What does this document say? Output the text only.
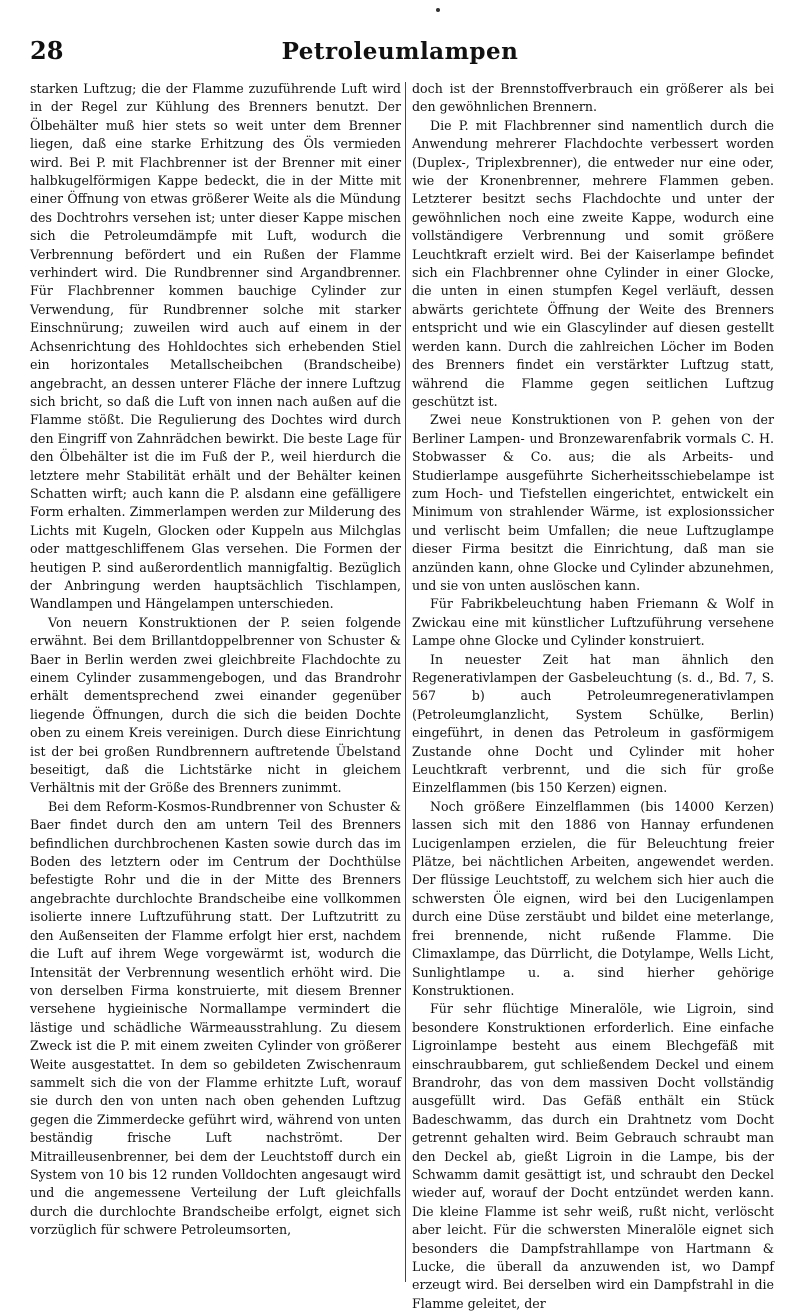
28	Petroleumlampen

starken Luftzug; die der Flamme zuzuführende Luft wird in der Regel zur Kühlung des Brenners benutzt. Der Ölbehälter muß hier stets so weit unter dem Brenner liegen, daß eine starke Erhitzung des Öls vermieden wird. Bei P. mit Flachbrenner ist der Brenner mit einer halbkugelförmigen Kappe bedeckt, die in der Mitte mit einer Öffnung von etwas größerer Weite als die Mündung des Dochtrohrs versehen ist; unter dieser Kappe mischen sich die Petroleumdämpfe mit Luft, wodurch die Verbrennung befördert und ein Rußen der Flamme verhindert wird. Die Rundbrenner sind Argandbrenner. Für Flachbrenner kommen bauchige Cylinder zur Verwendung, für Rundbrenner solche mit starker Einschnürung; zuweilen wird auch auf einem in der Achsenrichtung des Hohldochtes sich erhebenden Stiel ein horizontales Metallscheibchen (Brandscheibe) angebracht, an dessen unterer Fläche der innere Luftzug sich bricht, so daß die Luft von innen nach außen auf die Flamme stößt. Die Regulierung des Dochtes wird durch den Eingriff von Zahnrädchen bewirkt. Die beste Lage für den Ölbehälter ist die im Fuß der P., weil hierdurch die letztere mehr Stabilität erhält und der Behälter keinen Schatten wirft; auch kann die P. alsdann eine gefälligere Form erhalten. Zimmerlampen werden zur Milderung des Lichts mit Kugeln, Glocken oder Kuppeln aus Milchglas oder mattgeschliffenem Glas versehen. Die Formen der heutigen P. sind außerordentlich mannigfaltig. Bezüglich der Anbringung werden hauptsächlich Tischlampen, Wandlampen und Hängelampen unterschieden.

Von neuern Konstruktionen der P. seien folgende erwähnt. Bei dem Brillantdoppelbrenner von Schuster & Baer in Berlin werden zwei gleichbreite Flachdochte zu einem Cylinder zusammengebogen, und das Brandrohr erhält dementsprechend zwei einander gegenüber liegende Öffnungen, durch die sich die beiden Dochte oben zu einem Kreis vereinigen. Durch diese Einrichtung ist der bei großen Rundbrennern auftretende Übelstand beseitigt, daß die Lichtstärke nicht in gleichem Verhältnis mit der Größe des Brenners zunimmt.

Bei dem Reform-Kosmos-Rundbrenner von Schuster & Baer findet durch den am untern Teil des Brenners befindlichen durchbrochenen Kasten sowie durch das im Boden des letztern oder im Centrum der Dochthülse befestigte Rohr und die in der Mitte des Brenners angebrachte durchlochte Brandscheibe eine vollkommen isolierte innere Luftzuführung statt. Der Luftzutritt zu den Außenseiten der Flamme erfolgt hier erst, nachdem die Luft auf ihrem Wege vorgewärmt ist, wodurch die Intensität der Verbrennung wesentlich erhöht wird. Die von derselben Firma konstruierte, mit diesem Brenner versehene hygieinische Normallampe vermindert die lästige und schädliche Wärmeausstrahlung. Zu diesem Zweck ist die P. mit einem zweiten Cylinder von größerer Weite ausgestattet. In dem so gebildeten Zwischenraum sammelt sich die von der Flamme erhitzte Luft, worauf sie durch den von unten nach oben gehenden Luftzug gegen die Zimmerdecke geführt wird, während von unten beständig frische Luft nachströmt. Der Mitrailleusenbrenner, bei dem der Leuchtstoff durch ein System von 10 bis 12 runden Volldochten angesaugt wird und die angemessene Verteilung der Luft gleichfalls durch die durchlochte Brandscheibe erfolgt, eignet sich vorzüglich für schwere Petroleumsorten,

doch ist der Brennstoffverbrauch ein größerer als bei den gewöhnlichen Brennern.

Die P. mit Flachbrenner sind namentlich durch die Anwendung mehrerer Flachdochte verbessert worden (Duplex-, Triplexbrenner), die entweder nur eine oder, wie der Kronenbrenner, mehrere Flammen geben. Letzterer besitzt sechs Flachdochte und unter der gewöhnlichen noch eine zweite Kappe, wodurch eine vollständigere Verbrennung und somit größere Leuchtkraft erzielt wird. Bei der Kaiserlampe befindet sich ein Flachbrenner ohne Cylinder in einer Glocke, die unten in einen stumpfen Kegel verläuft, dessen abwärts gerichtete Öffnung der Weite des Brenners entspricht und wie ein Glascylinder auf diesen gestellt werden kann. Durch die zahlreichen Löcher im Boden des Brenners findet ein verstärkter Luftzug statt, während die Flamme gegen seitlichen Luftzug geschützt ist.

Zwei neue Konstruktionen von P. gehen von der Berliner Lampen- und Bronzewarenfabrik vormals C. H. Stobwasser & Co. aus; die als Arbeits- und Studierlampe ausgeführte Sicherheitsschiebelampe ist zum Hoch- und Tiefstellen eingerichtet, entwickelt ein Minimum von strahlender Wärme, ist explosionssicher und verlischt beim Umfallen; die neue Luftzuglampe dieser Firma besitzt die Einrichtung, daß man sie anzünden kann, ohne Glocke und Cylinder abzunehmen, und sie von unten auslöschen kann.

Für Fabrikbeleuchtung haben Friemann & Wolf in Zwickau eine mit künstlicher Luftzuführung versehene Lampe ohne Glocke und Cylinder konstruiert.

In neuester Zeit hat man ähnlich den Regenerativlampen der Gasbeleuchtung (s. d., Bd. 7, S. 567 b) auch Petroleumregenerativlampen (Petroleumglanzlicht, System Schülke, Berlin) eingeführt, in denen das Petroleum in gasförmigem Zustande ohne Docht und Cylinder mit hoher Leuchtkraft verbrennt, und die sich für große Einzelflammen (bis 150 Kerzen) eignen.

Noch größere Einzelflammen (bis 14000 Kerzen) lassen sich mit den 1886 von Hannay erfundenen Lucigenlampen erzielen, die für Beleuchtung freier Plätze, bei nächtlichen Arbeiten, angewendet werden. Der flüssige Leuchtstoff, zu welchem sich hier auch die schwersten Öle eignen, wird bei den Lucigenlampen durch eine Düse zerstäubt und bildet eine meterlange, frei brennende, nicht rußende Flamme. Die Climaxlampe, das Dürrlicht, die Dotylampe, Wells Licht, Sunlightlampe u. a. sind hierher gehörige Konstruktionen.

Für sehr flüchtige Mineralöle, wie Ligroin, sind besondere Konstruktionen erforderlich. Eine einfache Ligroinlampe besteht aus einem Blechgefäß mit einschraubbarem, gut schließendem Deckel und einem Brandrohr, das von dem massiven Docht vollständig ausgefüllt wird. Das Gefäß enthält ein Stück Badeschwamm, das durch ein Drahtnetz vom Docht getrennt gehalten wird. Beim Gebrauch schraubt man den Deckel ab, gießt Ligroin in die Lampe, bis der Schwamm damit gesättigt ist, und schraubt den Deckel wieder auf, worauf der Docht entzündet werden kann. Die kleine Flamme ist sehr weiß, rußt nicht, verlöscht aber leicht. Für die schwersten Mineralöle eignet sich besonders die Dampfstrahllampe von Hartmann & Lucke, die überall da anzuwenden ist, wo Dampf erzeugt wird. Bei derselben wird ein Dampfstrahl in die Flamme geleitet, der
